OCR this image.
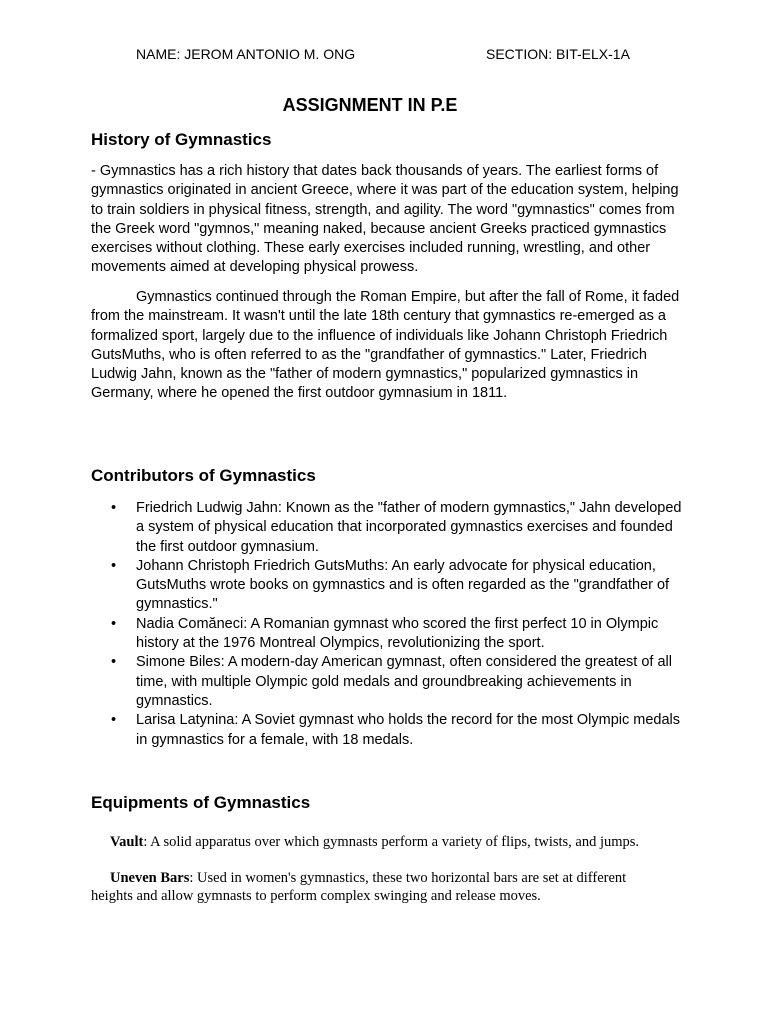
NAME: JEROM ANTONIO M. ONG	SECTION: BIT-ELX-1A
ASSIGNMENT IN P.E
History of Gymnastics

- Gymnastics has a rich history that dates back thousands of years. The earliest forms of gymnastics originated in ancient Greece, where it was part of the education system, helping to train soldiers in physical fitness, strength, and agility. The word "gymnastics" comes from the Greek word "gymnos," meaning naked, because ancient Greeks practiced gymnastics exercises without clothing. These early exercises included running, wrestling, and other movements aimed at developing physical prowess.

Gymnastics continued through the Roman Empire, but after the fall of Rome, it faded from the mainstream. It wasn't until the late 18th century that gymnastics re-emerged as a formalized sport, largely due to the influence of individuals like Johann Christoph Friedrich GutsMuths, who is often referred to as the "grandfather of gymnastics." Later, Friedrich Ludwig Jahn, known as the "father of modern gymnastics," popularized gymnastics in Germany, where he opened the first outdoor gymnasium in 1811.

Contributors of Gymnastics
• Friedrich Ludwig Jahn: Known as the "father of modern gymnastics," Jahn developed a system of physical education that incorporated gymnastics exercises and founded the first outdoor gymnasium.
• Johann Christoph Friedrich GutsMuths: An early advocate for physical education, GutsMuths wrote books on gymnastics and is often regarded as the "grandfather of gymnastics."
• Nadia Comăneci: A Romanian gymnast who scored the first perfect 10 in Olympic history at the 1976 Montreal Olympics, revolutionizing the sport.
• Simone Biles: A modern-day American gymnast, often considered the greatest of all time, with multiple Olympic gold medals and groundbreaking achievements in gymnastics.
• Larisa Latynina: A Soviet gymnast who holds the record for the most Olympic medals in gymnastics for a female, with 18 medals.
Equipments of Gymnastics

Vault: A solid apparatus over which gymnasts perform a variety of flips, twists, and jumps.

Uneven Bars: Used in women's gymnastics, these two horizontal bars are set at different heights and allow gymnasts to perform complex swinging and release moves.
